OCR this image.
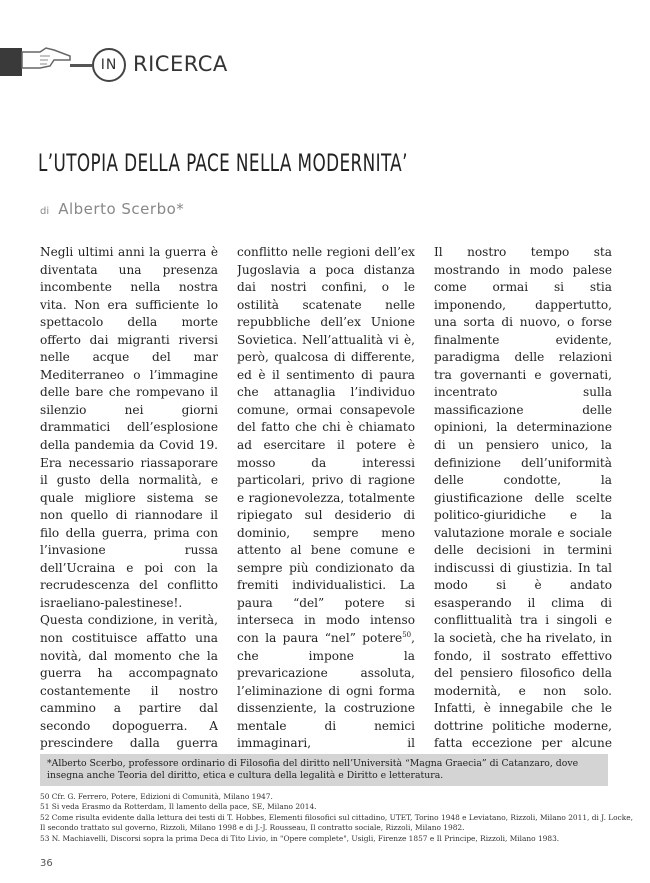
IN RICERCA
L’UTOPIA DELLA PACE NELLA MODERNITA’
di Alberto Scerbo*

Negli ultimi anni la guerra è diventata una presenza incombente nella nostra vita. Non era sufficiente lo spettacolo della morte offerto dai migranti riversi nelle acque del mar Mediterraneo o l’immagine delle bare che rompevano il silenzio nei giorni drammatici dell’esplosione della pandemia da Covid 19. Era necessario riassaporare il gusto della normalità, e quale migliore sistema se non quello di riannodare il filo della guerra, prima con l’invasione russa dell’Ucraina e poi con la recrudescenza del conflitto israeliano-palestinese!. Questa condizione, in verità, non costituisce affatto una novità, dal momento che la guerra ha accompagnato costantemente il nostro cammino a partire dal secondo dopoguerra. A prescindere dalla guerra

conflitto nelle regioni dell’ex Jugoslavia a poca distanza dai nostri confini, o le ostilità scatenate nelle repubbliche dell’ex Unione Sovietica. Nell’attualità vi è, però, qualcosa di differente, ed è il sentimento di paura che attanaglia l’individuo comune, ormai consapevole del fatto che chi è chiamato ad esercitare il potere è mosso da interessi particolari, privo di ragione e ragionevolezza, totalmente ripiegato sul desiderio di dominio, sempre meno attento al bene comune e sempre più condizionato da fremiti individualistici. La paura “del” potere si interseca in modo intenso con la paura “nel” potere$^{50}$, che impone la prevaricazione assoluta, l’eliminazione di ogni forma dissenziente, la costruzione mentale di nemici immaginari, il

Il nostro tempo sta mostrando in modo palese come ormai si stia imponendo, dappertutto, una sorta di nuovo, o forse finalmente evidente, paradigma delle relazioni tra governanti e governati, incentrato sulla massificazione delle opinioni, la determinazione di un pensiero unico, la definizione dell’uniformità delle condotte, la giustificazione delle scelte politico-giuridiche e la valutazione morale e sociale delle decisioni in termini indiscussi di giustizia. In tal modo si è andato esasperando il clima di conflittualità tra i singoli e la società, che ha rivelato, in fondo, il sostrato effettivo del pensiero filosofico della modernità, e non solo. Infatti, è innegabile che le dottrine politiche moderne, fatta eccezione per alcune

*Alberto Scerbo, professore ordinario di Filosofia del diritto nell’Università “Magna Graecia” di Catanzaro, dove insegna anche Teoria del diritto, etica e cultura della legalità e Diritto e letteratura.
50 Cfr. G. Ferrero, Potere, Edizioni di Comunità, Milano 1947.
51 Si veda Erasmo da Rotterdam, Il lamento della pace, SE, Milano 2014.
52 Come risulta evidente dalla lettura dei testi di T. Hobbes, Elementi filosofici sul cittadino, UTET, Torino 1948 e Leviatano, Rizzoli, Milano 2011, di J. Locke,
Il secondo trattato sul governo, Rizzoli, Milano 1998 e di J.-J. Rousseau, Il contratto sociale, Rizzoli, Milano 1982.
53 N. Machiavelli, Discorsi sopra la prima Deca di Tito Livio, in "Opere complete", Usigli, Firenze 1857 e Il Principe, Rizzoli, Milano 1983.
36
